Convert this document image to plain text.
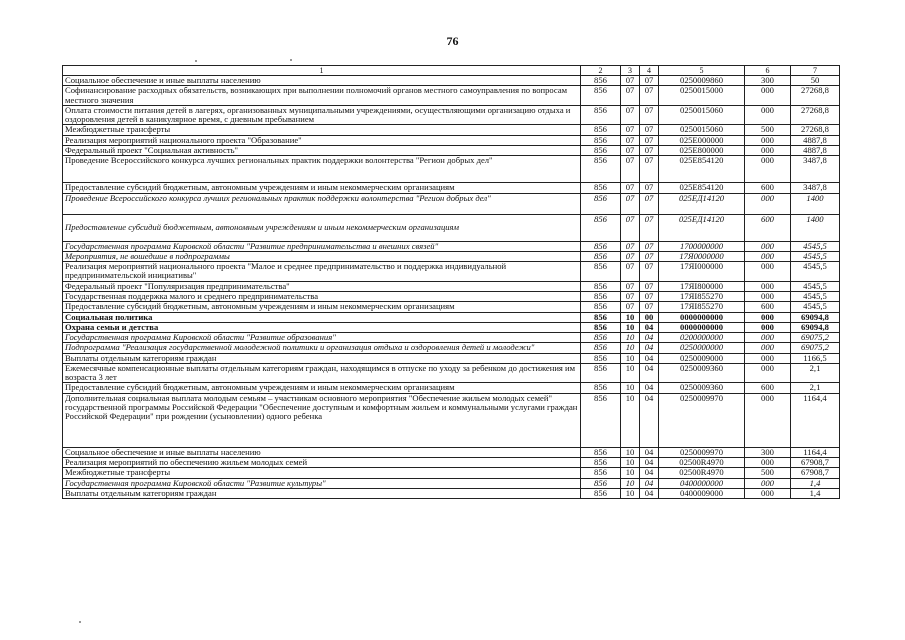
76
1	2	3	4	5	6	7
Социальное обеспечение и иные выплаты населению	856	07	07	0250009860	300	50
Софинансирование расходных обязательств, возникающих при выполнении полномочий органов местного самоуправления по вопросам местного значения	856	07	07	0250015000	000	27268,8
Оплата стоимости питания детей в лагерях, организованных муниципальными учреждениями, осуществляющими организацию отдыха и оздоровления детей в каникулярное время, с дневным пребыванием	856	07	07	0250015060	000	27268,8
Межбюджетные трансферты	856	07	07	0250015060	500	27268,8
Реализация мероприятий национального проекта "Образование"	856	07	07	025E000000	000	4887,8
Федеральный проект "Социальная активность"	856	07	07	025E800000	000	4887,8
Проведение Всероссийского конкурса лучших региональных практик поддержки волонтерства "Регион добрых дел"	856	07	07	025E854120	000	3487,8
Предоставление субсидий бюджетным, автономным учреждениям и иным некоммерческим организациям	856	07	07	025E854120	600	3487,8
Проведение Всероссийского конкурса лучших региональных практик поддержки волонтерства "Регион добрых дел"	856	07	07	025EД14120	000	1400
Предоставление субсидий бюджетным, автономным учреждениям и иным некоммерческим организациям	856	07	07	025EД14120	600	1400
Государственная программа Кировской области "Развитие предпринимательства и внешних связей"	856	07	07	1700000000	000	4545,5
Мероприятия, не вошедшие в подпрограммы	856	07	07	17Я0000000	000	4545,5
Реализация мероприятий национального проекта "Малое и среднее предпринимательство и поддержка индивидуальной предпринимательской инициативы"	856	07	07	17ЯI000000	000	4545,5
Федеральный проект "Популяризация предпринимательства"	856	07	07	17ЯI800000	000	4545,5
Государственная поддержка малого и среднего предпринимательства	856	07	07	17ЯI855270	000	4545,5
Предоставление субсидий бюджетным, автономным учреждениям и иным некоммерческим организациям	856	07	07	17ЯI855270	600	4545,5
Социальная политика	856	10	00	0000000000	000	69094,8
Охрана семьи и детства	856	10	04	0000000000	000	69094,8
Государственная программа Кировской области "Развитие образования"	856	10	04	0200000000	000	69075,2
Подпрограмма "Реализация государственной молодежной политики и организация отдыха и оздоровления детей и молодежи"	856	10	04	0250000000	000	69075,2
Выплаты отдельным категориям граждан	856	10	04	0250009000	000	1166,5
Ежемесячные компенсационные выплаты отдельным категориям граждан, находящимся в отпуске по уходу за ребенком до достижения им возраста 3 лет	856	10	04	0250009360	000	2,1
Предоставление субсидий бюджетным, автономным учреждениям и иным некоммерческим организациям	856	10	04	0250009360	600	2,1
Дополнительная социальная выплата молодым семьям – участникам основного мероприятия "Обеспечение жильем молодых семей" государственной программы Российской Федерации "Обеспечение доступным и комфортным жильем и коммунальными услугами граждан Российской Федерации" при рождении (усыновлении) одного ребенка	856	10	04	0250009970	000	1164,4
Социальное обеспечение и иные выплаты населению	856	10	04	0250009970	300	1164,4
Реализация мероприятий по обеспечению жильем молодых семей	856	10	04	02500R4970	000	67908,7
Межбюджетные трансферты	856	10	04	02500R4970	500	67908,7
Государственная программа Кировской области "Развитие культуры"	856	10	04	0400000000	000	1,4
Выплаты отдельным категориям граждан	856	10	04	0400009000	000	1,4
